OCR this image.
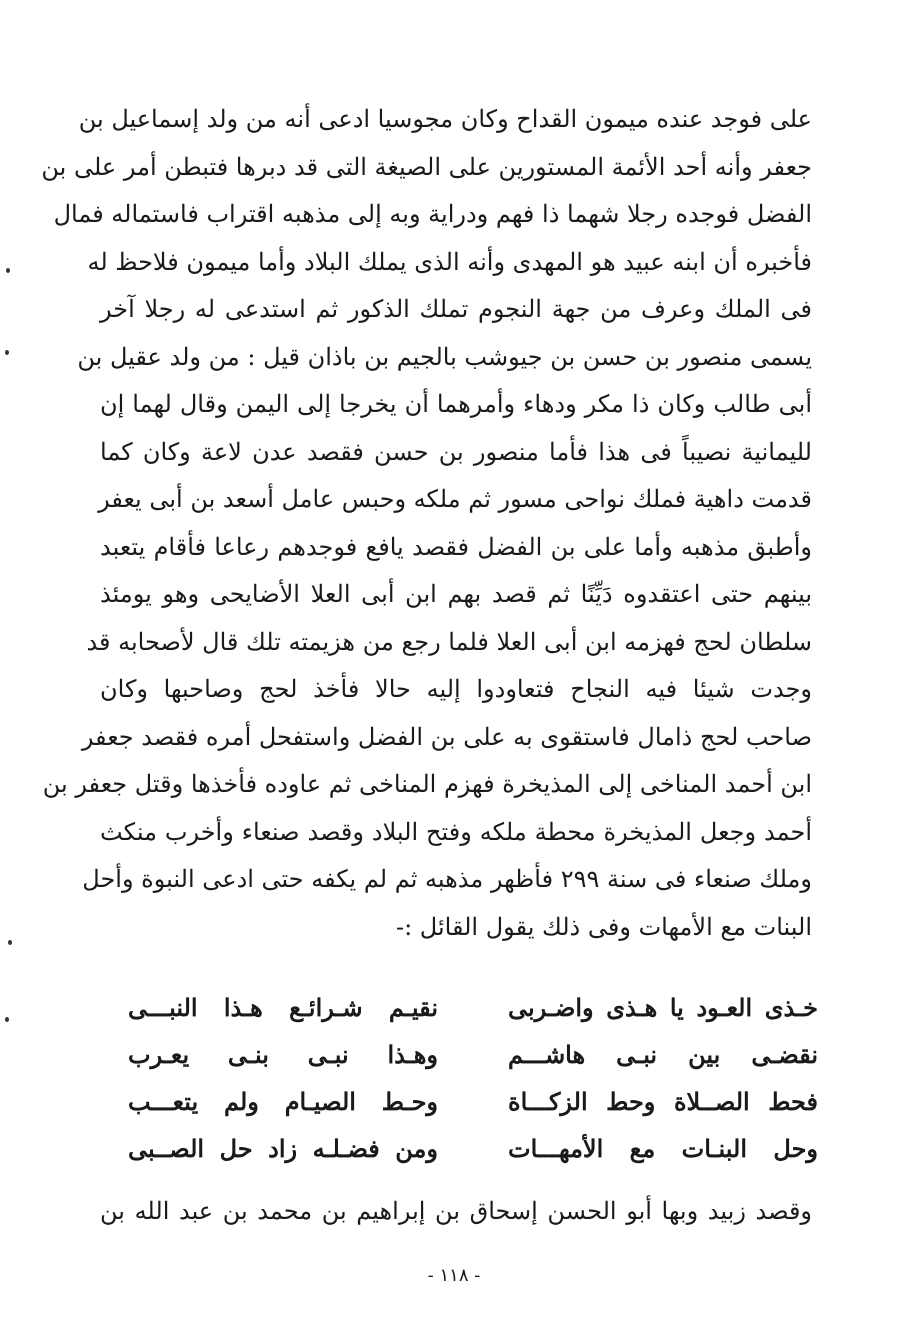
على فوجد عنده ميمون القداح وكان مجوسيا ادعى أنه من ولد إسماعيل بن
جعفر وأنه أحد الأئمة المستورين على الصيغة التى قد دبرها فتبطن أمر على بن
الفضل فوجده رجلا شهما ذا فهم ودراية وبه إلى مذهبه اقتراب فاستماله فمال
فأخبره أن ابنه عبيد هو المهدى وأنه الذى يملك البلاد وأما ميمون فلاحظ له
فى الملك وعرف من جهة النجوم تملك الذكور ثم استدعى له رجلا آخر
يسمى منصور بن حسن بن جيوشب بالجيم بن باذان قيل : من ولد عقيل بن
أبى طالب وكان ذا مكر ودهاء وأمرهما أن يخرجا إلى اليمن وقال لهما إن
لليمانية نصيباً فى هذا فأما منصور بن حسن فقصد عدن لاعة وكان كما
قدمت داهية فملك نواحى مسور ثم ملكه وحبس عامل أسعد بن أبى يعفر
وأطبق مذهبه وأما على بن الفضل فقصد يافع فوجدهم رعاعا فأقام يتعبد
بينهم حتى اعتقدوه دَيِّنًا ثم قصد بهم ابن أبى العلا الأضايحى وهو يومئذ
سلطان لحج فهزمه ابن أبى العلا فلما رجع من هزيمته تلك قال لأصحابه قد
وجدت شيئا فيه النجاح فتعاودوا إليه حالا فأخذ لحج وصاحبها وكان
صاحب لحج ذامال فاستقوى به على بن الفضل واستفحل أمره فقصد جعفر
ابن أحمد المناخى إلى المذيخرة فهزم المناخى ثم عاوده فأخذها وقتل جعفر بن
أحمد وجعل المذيخرة محطة ملكه وفتح البلاد وقصد صنعاء وأخرب منكث
وملك صنعاء فى سنة ٢٩٩ فأظهر مذهبه ثم لم يكفه حتى ادعى النبوة وأحل
البنات مع الأمهات وفى ذلك يقول القائل :-
خـذى العـود يا هـذى واضـربى
نقيـم شـرائـع هـذا النبـــى
نقضـى بين نبـى هاشـــم
وهـذا نبـى بنـى يعـرب
فحط الصــلاة وحط الزكـــاة
وحـط الصيـام ولم يتعـــب
وحل البنـات مع الأمهـــات
ومن فضـلـه زاد حل الصــبى
وقصد زبيد وبها أبو الحسن إسحاق بن إبراهيم بن محمد بن عبد الله بن
- ١١٨ -
